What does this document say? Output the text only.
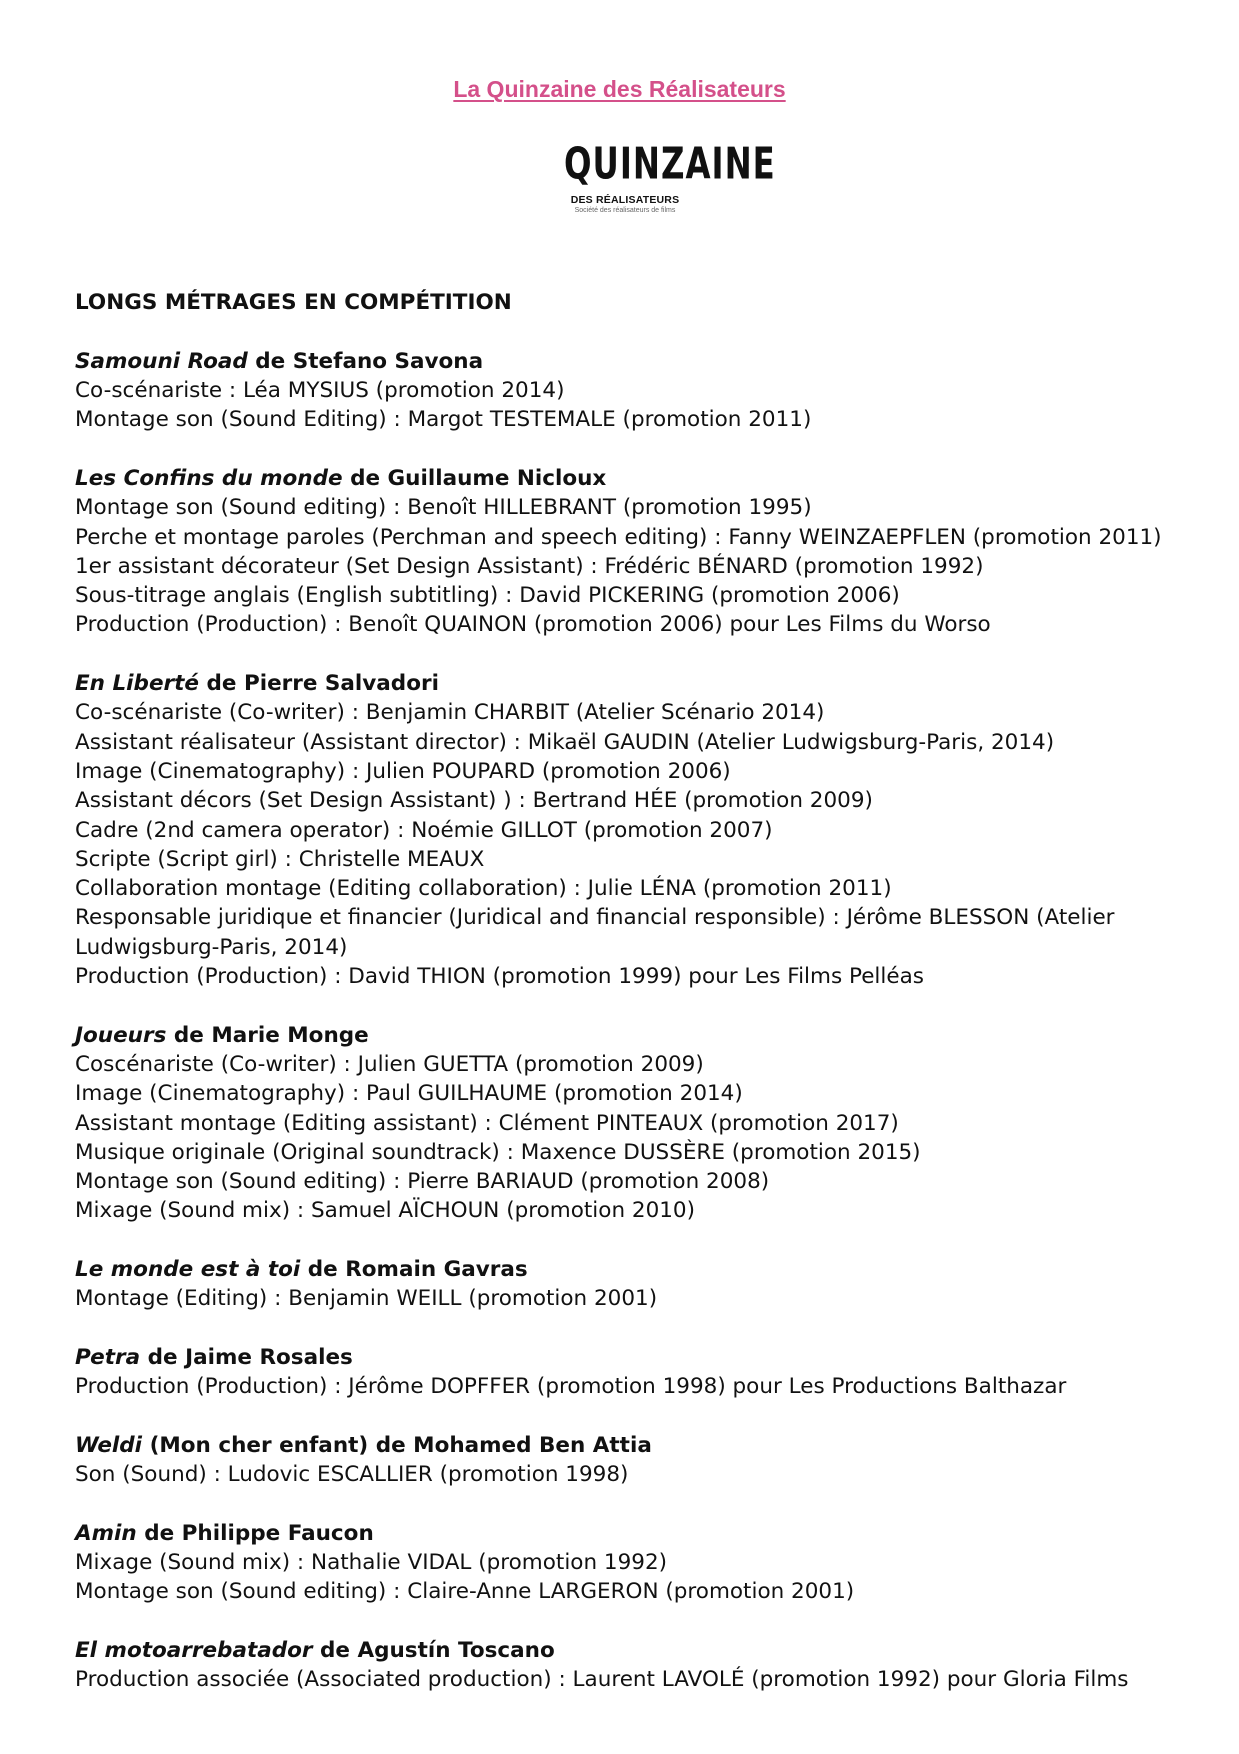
La Quinzaine des Réalisateurs
QUINZAINE
DES RÉALISATEURS
Société des réalisateurs de films
LONGS MÉTRAGES EN COMPÉTITION
Samouni Road de Stefano Savona
Co-scénariste : Léa MYSIUS (promotion 2014)
Montage son (Sound Editing) : Margot TESTEMALE (promotion 2011)
Les Confins du monde de Guillaume Nicloux
Montage son (Sound editing) : Benoît HILLEBRANT (promotion 1995)
Perche et montage paroles (Perchman and speech editing) : Fanny WEINZAEPFLEN (promotion 2011)
1er assistant décorateur (Set Design Assistant) : Frédéric BÉNARD (promotion 1992)
Sous-titrage anglais (English subtitling) : David PICKERING (promotion 2006)
Production (Production) : Benoît QUAINON (promotion 2006) pour Les Films du Worso
En Liberté de Pierre Salvadori
Co-scénariste (Co-writer) : Benjamin CHARBIT (Atelier Scénario 2014)
Assistant réalisateur (Assistant director) : Mikaël GAUDIN (Atelier Ludwigsburg-Paris, 2014)
Image (Cinematography) : Julien POUPARD (promotion 2006)
Assistant décors (Set Design Assistant) ) : Bertrand HÉE (promotion 2009)
Cadre (2nd camera operator) : Noémie GILLOT (promotion 2007)
Scripte (Script girl) : Christelle MEAUX
Collaboration montage (Editing collaboration) : Julie LÉNA (promotion 2011)
Responsable juridique et financier (Juridical and financial responsible) : Jérôme BLESSON (Atelier Ludwigsburg-Paris, 2014)
Production (Production) : David THION (promotion 1999) pour Les Films Pelléas
Joueurs de Marie Monge
Coscénariste (Co-writer) : Julien GUETTA (promotion 2009)
Image (Cinematography) : Paul GUILHAUME (promotion 2014)
Assistant montage (Editing assistant) : Clément PINTEAUX (promotion 2017)
Musique originale (Original soundtrack) : Maxence DUSSÈRE (promotion 2015)
Montage son (Sound editing) : Pierre BARIAUD (promotion 2008)
Mixage (Sound mix) : Samuel AÏCHOUN (promotion 2010)
Le monde est à toi de Romain Gavras
Montage (Editing) : Benjamin WEILL (promotion 2001)
Petra de Jaime Rosales
Production (Production) : Jérôme DOPFFER (promotion 1998) pour Les Productions Balthazar
Weldi (Mon cher enfant) de Mohamed Ben Attia
Son (Sound) : Ludovic ESCALLIER (promotion 1998)
Amin de Philippe Faucon
Mixage (Sound mix) : Nathalie VIDAL (promotion 1992)
Montage son (Sound editing) : Claire-Anne LARGERON (promotion 2001)
El motoarrebatador de Agustín Toscano
Production associée (Associated production) : Laurent LAVOLÉ (promotion 1992) pour Gloria Films
